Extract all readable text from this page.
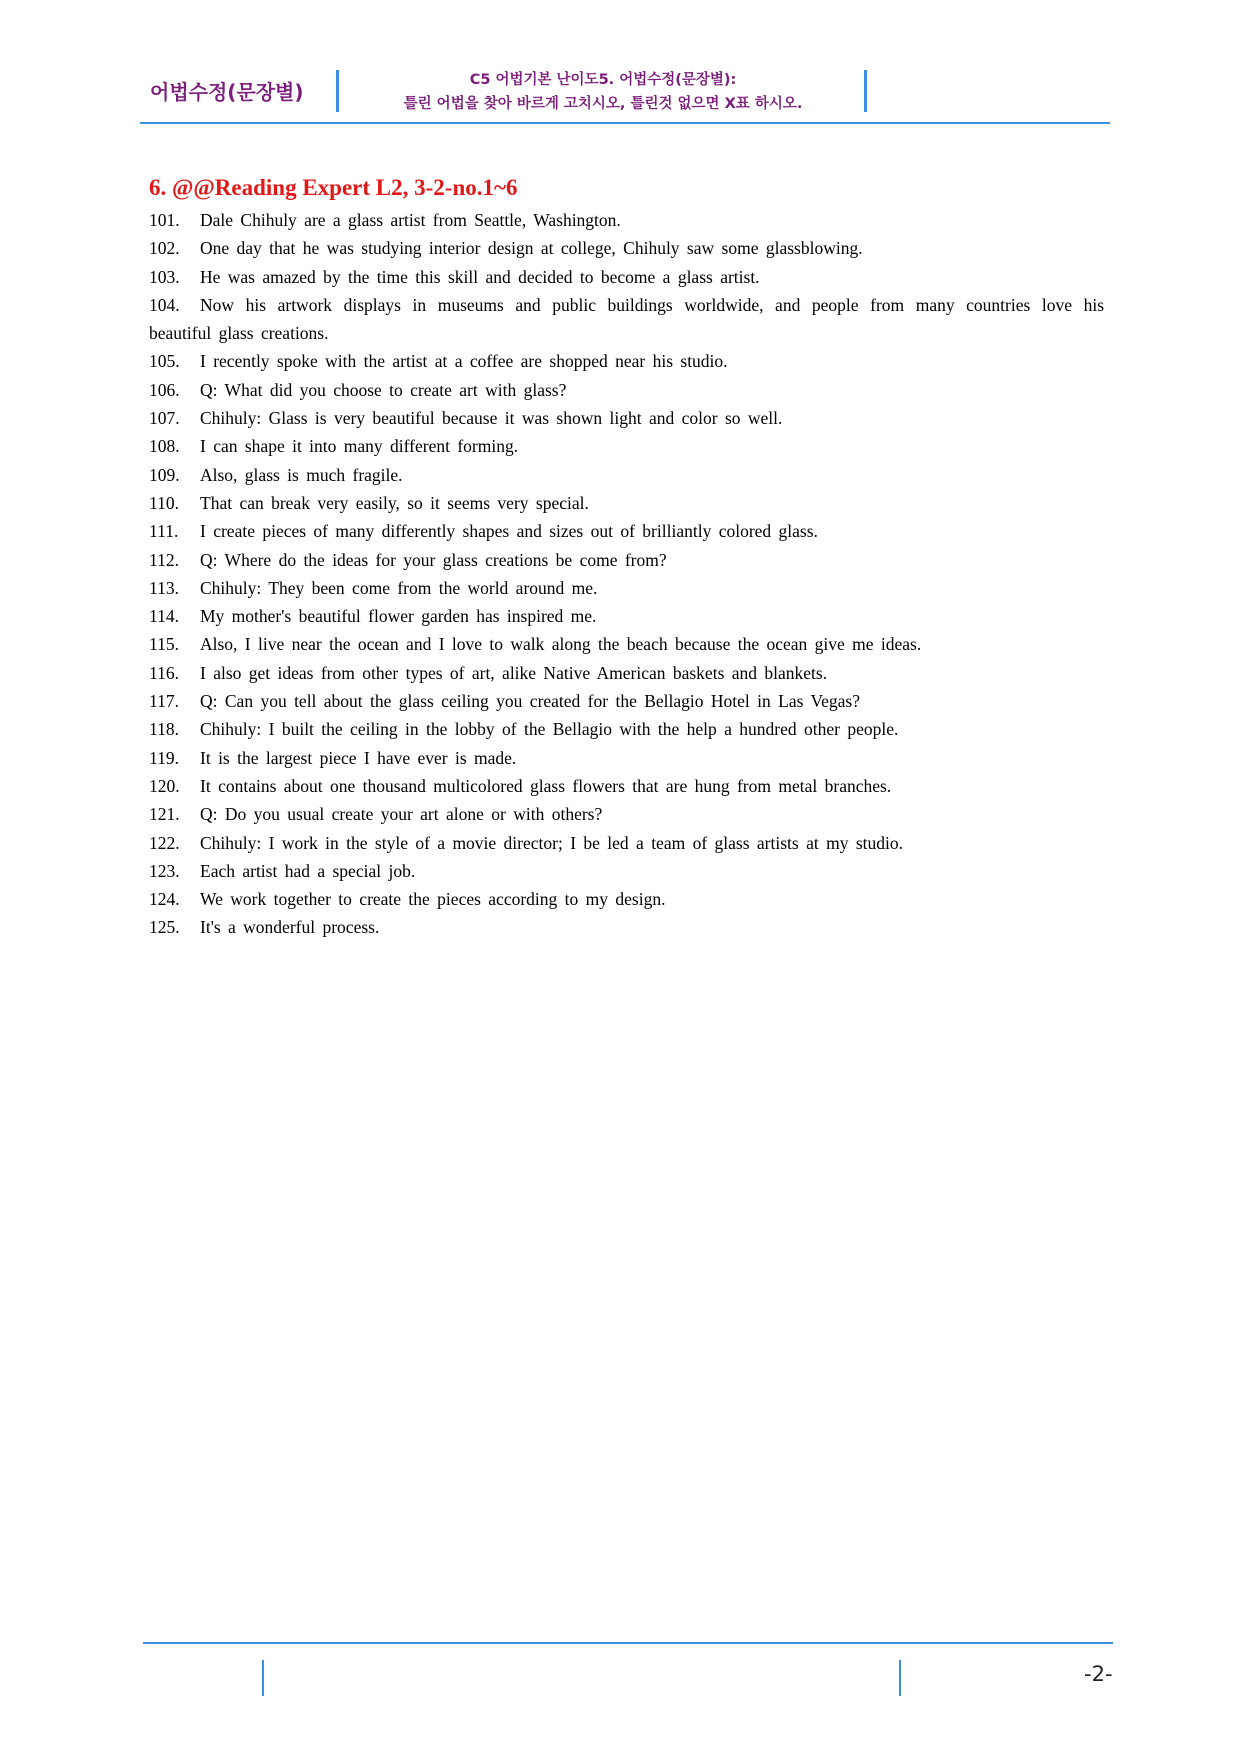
어법수정(문장별)	C5 어법기본 난이도5. 어법수정(문장별):
틀린 어법을 찾아 바르게 고치시오, 틀린것 없으면 X표 하시오.
6. @@Reading Expert L2, 3-2-no.1~6
101. Dale Chihuly are a glass artist from Seattle, Washington.
102. One day that he was studying interior design at college, Chihuly saw some glassblowing.
103. He was amazed by the time this skill and decided to become a glass artist.
104. Now his artwork displays in museums and public buildings worldwide, and people from many countries love his beautiful glass creations.
105. I recently spoke with the artist at a coffee are shopped near his studio.
106. Q: What did you choose to create art with glass?
107. Chihuly: Glass is very beautiful because it was shown light and color so well.
108. I can shape it into many different forming.
109. Also, glass is much fragile.
110. That can break very easily, so it seems very special.
111. I create pieces of many differently shapes and sizes out of brilliantly colored glass.
112. Q: Where do the ideas for your glass creations be come from?
113. Chihuly: They been come from the world around me.
114. My mother's beautiful flower garden has inspired me.
115. Also, I live near the ocean and I love to walk along the beach because the ocean give me ideas.
116. I also get ideas from other types of art, alike Native American baskets and blankets.
117. Q: Can you tell about the glass ceiling you created for the Bellagio Hotel in Las Vegas?
118. Chihuly: I built the ceiling in the lobby of the Bellagio with the help a hundred other people.
119. It is the largest piece I have ever is made.
120. It contains about one thousand multicolored glass flowers that are hung from metal branches.
121. Q: Do you usual create your art alone or with others?
122. Chihuly: I work in the style of a movie director; I be led a team of glass artists at my studio.
123. Each artist had a special job.
124. We work together to create the pieces according to my design.
125. It's a wonderful process.
-2-
